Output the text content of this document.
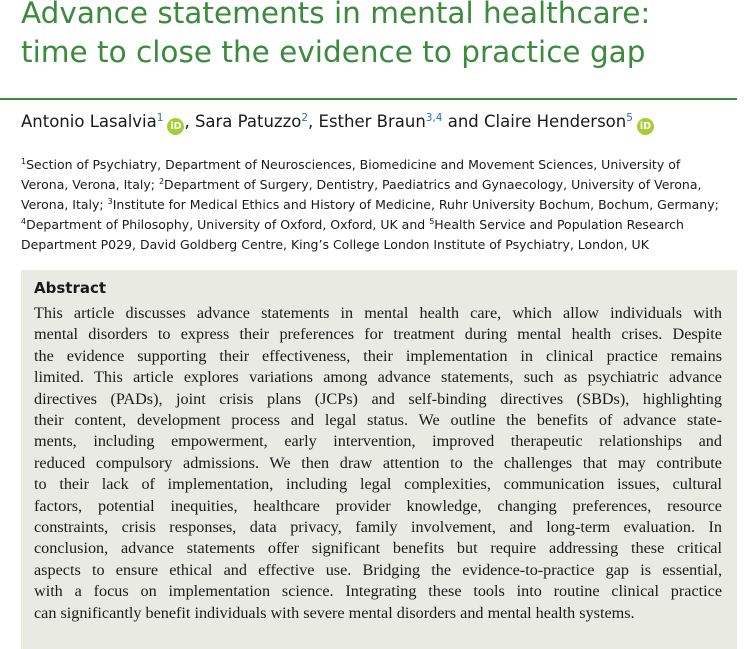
Advance statements in mental healthcare:
time to close the evidence to practice gap
Antonio Lasalvia$^1$iD , Sara Patuzzo$^2$, Esther Braun$^{3,4}$ and Claire Henderson$^5$iD
$^1$Section of Psychiatry, Department of Neurosciences, Biomedicine and Movement Sciences, University of
Verona, Verona, Italy; $^2$Department of Surgery, Dentistry, Paediatrics and Gynaecology, University of Verona,
Verona, Italy; $^3$Institute for Medical Ethics and History of Medicine, Ruhr University Bochum, Bochum, Germany;
$^4$Department of Philosophy, University of Oxford, Oxford, UK and $^5$Health Service and Population Research
Department P029, David Goldberg Centre, King’s College London Institute of Psychiatry, London, UK
Abstract

This article discusses advance statements in mental health care, which allow individuals with
mental disorders to express their preferences for treatment during mental health crises. Despite
the evidence supporting their effectiveness, their implementation in clinical practice remains
limited. This article explores variations among advance statements, such as psychiatric advance
directives (PADs), joint crisis plans (JCPs) and self-binding directives (SBDs), highlighting
their content, development process and legal status. We outline the benefits of advance state-
ments, including empowerment, early intervention, improved therapeutic relationships and
reduced compulsory admissions. We then draw attention to the challenges that may contribute
to their lack of implementation, including legal complexities, communication issues, cultural
factors, potential inequities, healthcare provider knowledge, changing preferences, resource
constraints, crisis responses, data privacy, family involvement, and long-term evaluation. In
conclusion, advance statements offer significant benefits but require addressing these critical
aspects to ensure ethical and effective use. Bridging the evidence-to-practice gap is essential,
with a focus on implementation science. Integrating these tools into routine clinical practice
can significantly benefit individuals with severe mental disorders and mental health systems.
